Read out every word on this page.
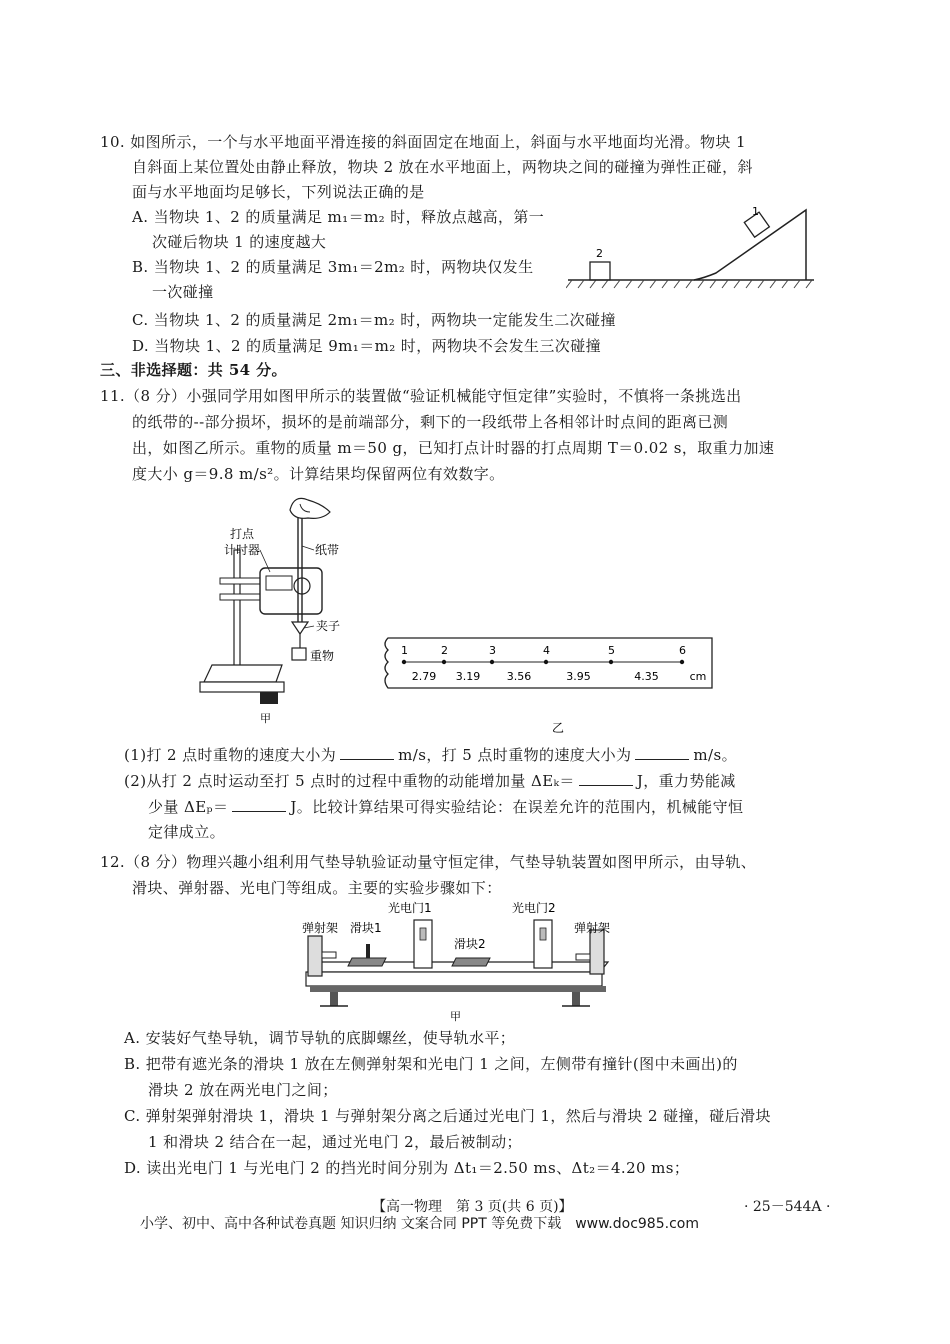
10. 如图所示，一个与水平地面平滑连接的斜面固定在地面上，斜面与水平地面均光滑。物块 1
自斜面上某位置处由静止释放，物块 2 放在水平地面上，两物块之间的碰撞为弹性正碰，斜
面与水平地面均足够长，下列说法正确的是
A. 当物块 1、2 的质量满足 m₁＝m₂ 时，释放点越高，第一
次碰后物块 1 的速度越大
B. 当物块 1、2 的质量满足 3m₁＝2m₂ 时，两物块仅发生
一次碰撞
C. 当物块 1、2 的质量满足 2m₁＝m₂ 时，两物块一定能发生二次碰撞
D. 当物块 1、2 的质量满足 9m₁＝m₂ 时，两物块不会发生三次碰撞
2
1
三、非选择题：共 54 分。
11.（8 分）小强同学用如图甲所示的装置做“验证机械能守恒定律”实验时，不慎将一条挑选出
的纸带的--部分损坏，损坏的是前端部分，剩下的一段纸带上各相邻计时点间的距离已测
出，如图乙所示。重物的质量 m＝50 g，已知打点计时器的打点周期 T＝0.02 s，取重力加速
度大小 g＝9.8 m/s²。计算结果均保留两位有效数字。
甲
打点
计时器	纸带
夹子
重物	1	2	3	4	5	6
2.79 3.19 3.56	3.95	4.35	cm
乙
(1)打 2 点时重物的速度大小为	m/s，打 5 点时重物的速度大小为	m/s。
(2)从打 2 点时运动至打 5 点时的过程中重物的动能增加量 ΔEₖ＝	J，重力势能减
少量 ΔEₚ＝	J。比较计算结果可得实验结论：在误差允许的范围内，机械能守恒
定律成立。
12.（8 分）物理兴趣小组利用气垫导轨验证动量守恒定律，气垫导轨装置如图甲所示，由导轨、
滑块、弹射器、光电门等组成。主要的实验步骤如下：
光电门1	光电门2
弹射架	弹射架
滑块1
滑块2
甲
A. 安装好气垫导轨，调节导轨的底脚螺丝，使导轨水平；
B. 把带有遮光条的滑块 1 放在左侧弹射架和光电门 1 之间，左侧带有撞针(图中未画出)的
滑块 2 放在两光电门之间；
C. 弹射架弹射滑块 1，滑块 1 与弹射架分离之后通过光电门 1，然后与滑块 2 碰撞，碰后滑块
1 和滑块 2 结合在一起，通过光电门 2，最后被制动；
D. 读出光电门 1 与光电门 2 的挡光时间分别为 Δt₁＝2.50 ms、Δt₂＝4.20 ms；
【高一物理　第 3 页(共 6 页)】	· 25－544A ·
小学、初中、高中各种试卷真题 知识归纳 文案合同 PPT 等免费下载　www.doc985.com
